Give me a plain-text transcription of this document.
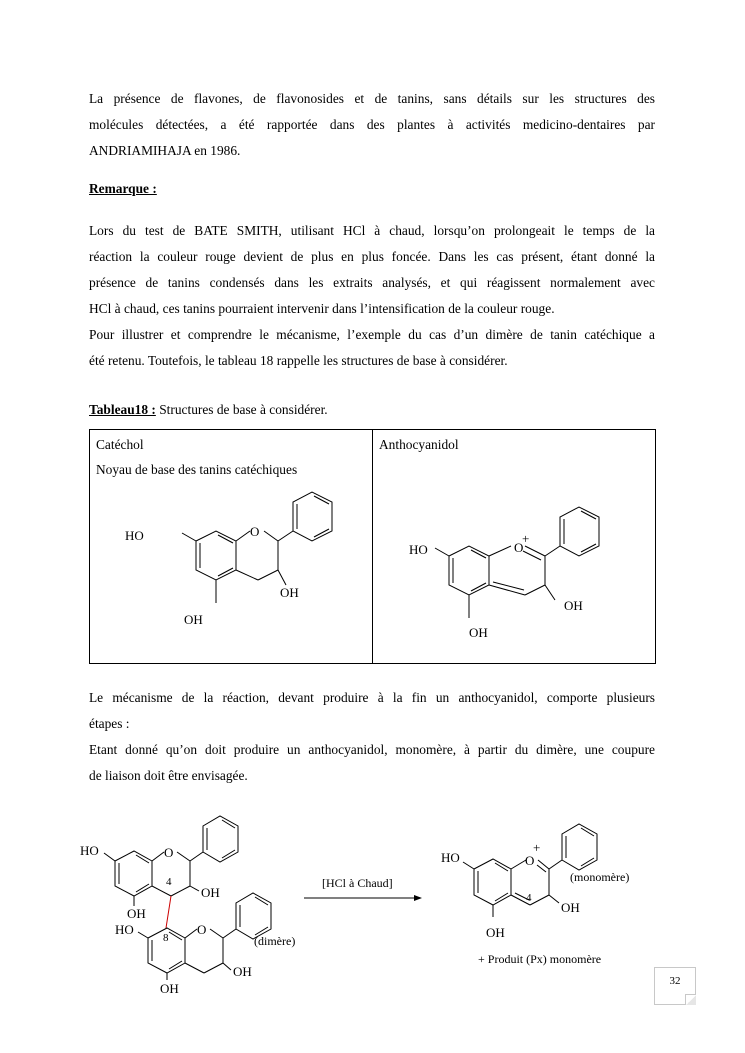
La présence de flavones, de flavonosides et de tanins, sans détails sur les structures des
molécules détectées, a été rapportée dans des plantes à activités medicino-dentaires par
ANDRIAMIHAJA en 1986.

Remarque :

Lors du test de BATE SMITH, utilisant HCl à chaud, lorsqu’on prolongeait le temps de la
réaction la couleur rouge devient de plus en plus foncée. Dans les cas présent, étant donné la
présence de tanins condensés dans les extraits analysés, et qui réagissent normalement avec
HCl à chaud, ces tanins pourraient intervenir dans l’intensification de la couleur rouge.

Pour illustrer et comprendre le mécanisme, l’exemple du cas d’un dimère de tanin catéchique a
été retenu. Toutefois, le tableau 18 rappelle les structures de base à considérer.

Tableau18 : Structures de base à considérer.
Catéchol
Noyau de base des tanins catéchiques
HO	O
OH
OH

Anthocyanidol
HO	O
+
OH
OH

Le mécanisme de la réaction, devant produire à la fin un anthocyanidol, comporte plusieurs
étapes :

Etant donné qu’on doit produire un anthocyanidol, monomère, à partir du dimère, une coupure
de liaison doit être envisagée.

HO	O
4
OH
OH
HO	O
8
OH
OH
(dimère)
[HCl à Chaud]
HO	O
+
4
OH
OH
(monomère)
+ Produit (Px) monomère
32
